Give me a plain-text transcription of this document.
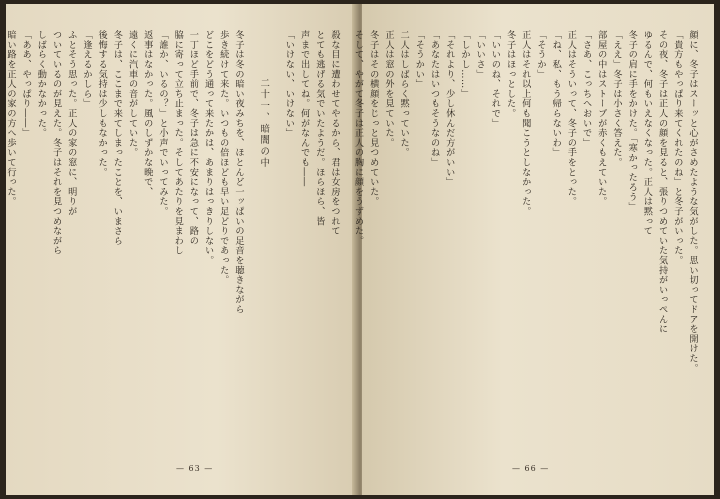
殺な目に遭わせてやるから、君は女房をつれて
とても逃げる気でいたようだ。ほらほら、皆
声まで出してね。何がなんでも――
「いけない、いけない」
二十一、暗闇の中
冬子は冬の暗い夜みちを、ほとんど一ッぱいの足音を聴きながら
歩き続けて来た。いつもの倍ほども早い足どりであった。
どこをどう通って来たかは、あまりはっきりしない。
一丁ほど手前で、冬子は急に不安になって、路の
脇に寄って立ち止まった。そしてあたりを見まわし
「誰か、いるの？」と小声でいってみた。
返事はなかった。風のしずかな晩で、
遠くに汽車の音がしていた。
冬子は、ここまで来てしまったことを、いまさら
後悔する気持は少しもなかった。
「逢えるかしら」
ふとそう思った。正人の家の窓に、明りが
ついているのが見えた。冬子はそれを見つめながら
しばらく動かなかった。
「ああ、やっぱり――」
暗い路を正人の家の方へ歩いて行った。
— 63 —
顔に、冬子はスーッと心がさめたような気がした。思い切ってドアを開けた。
「貴方もやっぱり来てくれたのね」と冬子がいった。
その夜、冬子は正人の顔を見ると、張りつめていた気持がいっぺんに
ゆるんで、何もいえなくなった。正人は黙って
冬子の肩に手をかけた。「寒かったろう」
「ええ」冬子は小さく答えた。
部屋の中はストーブが赤くもえていた。
「さあ、こっちへおいで」
正人はそういって、冬子の手をとった。
「ね、私、もう帰らないわ」
「そうか」
正人はそれ以上何も聞こうとしなかった。
冬子はほっとした。
「いいのね、それで」
「いいさ」
「しかし……」
「それより、少し休んだ方がいい」
「あなたはいつもそうなのね」
「そうかい」
二人はしばらく黙っていた。
正人は窓の外を見ていた。
冬子はその横顔をじっと見つめていた。
そして、やがて冬子は正人の胸に顔をうずめた。
— 66 —
